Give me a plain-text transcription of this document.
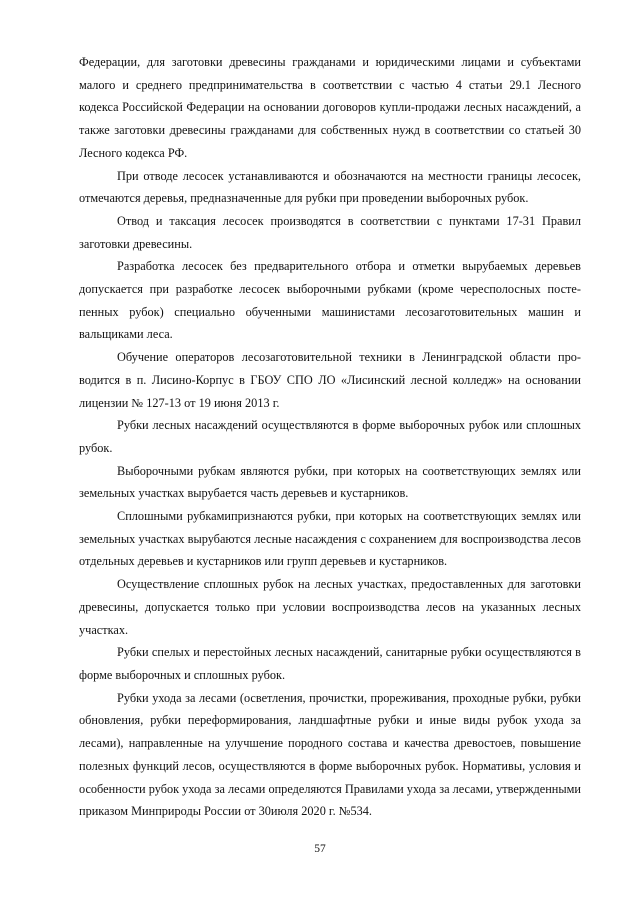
Федерации, для заготовки древесины гражданами и юридическими лицами и субъектами малого и среднего предпринимательства в соответствии с частью 4 статьи 29.1 Лесного кодекса Российской Федерации на основании договоров купли-продажи лесных насаждений, а также заготовки древесины гражданами для собственных нужд в соответствии со статьей 30 Лесного кодекса РФ.

При отводе лесосек устанавливаются и обозначаются на местности границы лесосек, отмечаются деревья, предназначенные для рубки при проведении выборочных рубок.

Отвод и таксация лесосек производятся в соответствии с пунктами 17-31 Правил заготовки древесины.

Разработка лесосек без предварительного отбора и отметки вырубаемых деревьев допускается при разработке лесосек выборочными рубками (кроме чересполосных постепенных рубок) специально обученными машинистами лесозаготовительных машин и вальщиками леса.

Обучение операторов лесозаготовительной техники в Ленинградской области проводится в п. Лисино-Корпус в ГБОУ СПО ЛО «Лисинский лесной колледж» на основании лицензии № 127-13 от 19 июня 2013 г.

Рубки лесных насаждений осуществляются в форме выборочных рубок или сплошных рубок.

Выборочными рубкам являются рубки, при которых на соответствующих землях или земельных участках вырубается часть деревьев и кустарников.

Сплошными рубкамипризнаются рубки, при которых на соответствующих землях или земельных участках вырубаются лесные насаждения с сохранением для воспроизводства лесов отдельных деревьев и кустарников или групп деревьев и кустарников.

Осуществление сплошных рубок на лесных участках, предоставленных для заготовки древесины, допускается только при условии воспроизводства лесов на указанных лесных участках.

Рубки спелых и перестойных лесных насаждений, санитарные рубки осуществляются в форме выборочных и сплошных рубок.

Рубки ухода за лесами (осветления, прочистки, прореживания, проходные рубки, рубки обновления, рубки переформирования, ландшафтные рубки и иные виды рубок ухода за лесами), направленные на улучшение породного состава и качества древостоев, повышение полезных функций лесов, осуществляются в форме выборочных рубок. Нормативы, условия и особенности рубок ухода за лесами определяются Правилами ухода за лесами, утвержденными приказом Минприроды России от 30июля 2020 г. №534.

57
